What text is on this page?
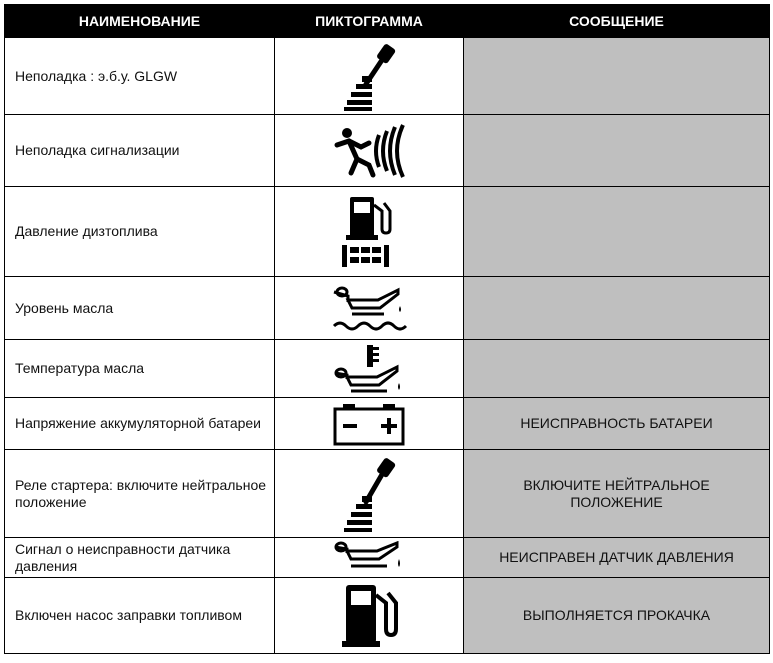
НАИМЕНОВАНИЕ	ПИКТОГРАММА	СООБЩЕНИЕ
Неполадка : э.б.у. GLGW	

Неполадка сигнализации	

Давление дизтоплива	

Уровень масла	

Температура масла	

Напряжение аккумуляторной батареи		НЕИСПРАВНОСТЬ БАТАРЕИ
Реле стартера: включите нейтральное положение		ВКЛЮЧИТЕ НЕЙТРАЛЬНОЕ ПОЛОЖЕНИЕ
Сигнал о неисправности датчика давления		НЕИСПРАВЕН ДАТЧИК ДАВЛЕНИЯ
Включен насос заправки топливом		ВЫПОЛНЯЕТСЯ ПРОКАЧКА
